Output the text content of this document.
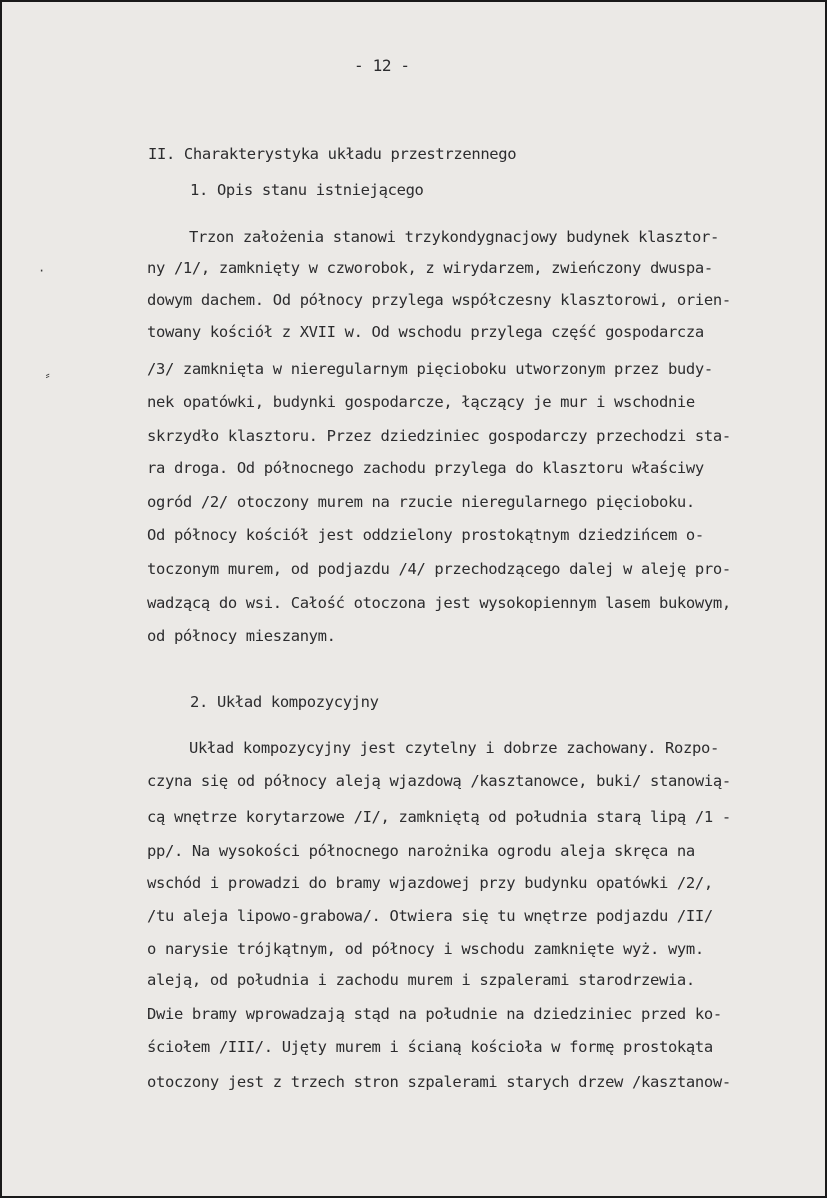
- 12 -
II. Charakterystyka układu przestrzennego
1. Opis stanu istniejącego
Trzon założenia stanowi trzykondygnacjowy budynek klasztor-
ny /1/, zamknięty w czworobok, z wirydarzem, zwieńczony dwuspa-
dowym dachem. Od północy przylega współczesny klasztorowi, orien-
towany kościół z XVII w. Od wschodu przylega część gospodarcza
/3/ zamknięta w nieregularnym pięcioboku utworzonym przez budy-
nek opatówki, budynki gospodarcze, łączący je mur i wschodnie
skrzydło klasztoru. Przez dziedziniec gospodarczy przechodzi sta-
ra droga. Od północnego zachodu przylega do klasztoru właściwy
ogród /2/ otoczony murem na rzucie nieregularnego pięcioboku.
Od północy kościół jest oddzielony prostokątnym dziedzińcem o-
toczonym murem, od podjazdu /4/ przechodzącego dalej w aleję pro-
wadzącą do wsi. Całość otoczona jest wysokopiennym lasem bukowym,
od północy mieszanym.
2. Układ kompozycyjny
Układ kompozycyjny jest czytelny i dobrze zachowany. Rozpo-
czyna się od północy aleją wjazdową /kasztanowce, buki/ stanowią-
cą wnętrze korytarzowe /I/, zamkniętą od południa starą lipą /1 -
pp/. Na wysokości północnego narożnika ogrodu aleja skręca na
wschód i prowadzi do bramy wjazdowej przy budynku opatówki /2/,
/tu aleja lipowo-grabowa/. Otwiera się tu wnętrze podjazdu /II/
o narysie trójkątnym, od północy i wschodu zamknięte wyż. wym.
aleją, od południa i zachodu murem i szpalerami starodrzewia.
Dwie bramy wprowadzają stąd na południe na dziedziniec przed ko-
ściołem /III/. Ujęty murem i ścianą kościoła w formę prostokąta
otoczony jest z trzech stron szpalerami starych drzew /kasztanow-
·
⸗
